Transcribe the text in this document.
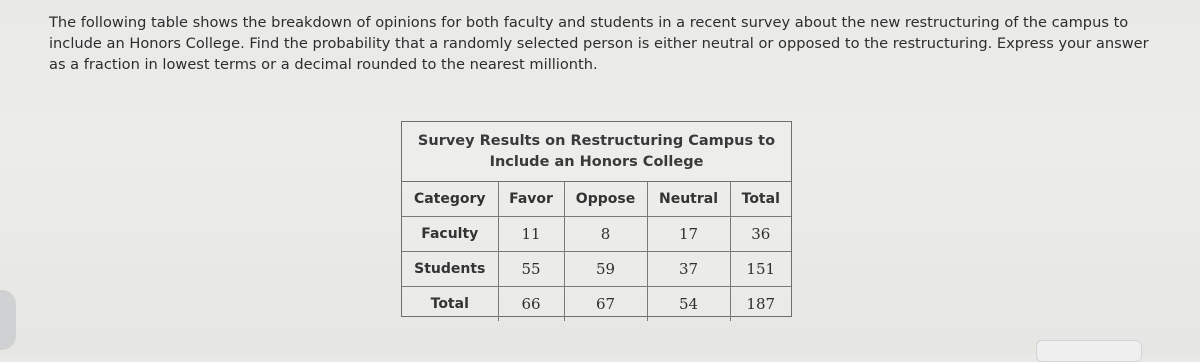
The following table shows the breakdown of opinions for both faculty and students in a recent survey about the new restructuring of the campus to include an Honors College. Find the probability that a randomly selected person is either neutral or opposed to the restructuring. Express your answer as a fraction in lowest terms or a decimal rounded to the nearest millionth.

Survey Results on Restructuring Campus to
Include an Honors College
Category	Favor	Oppose	Neutral	Total
Faculty	11	8	17	36
Students	55	59	37	151
Total	66	67	54	187
